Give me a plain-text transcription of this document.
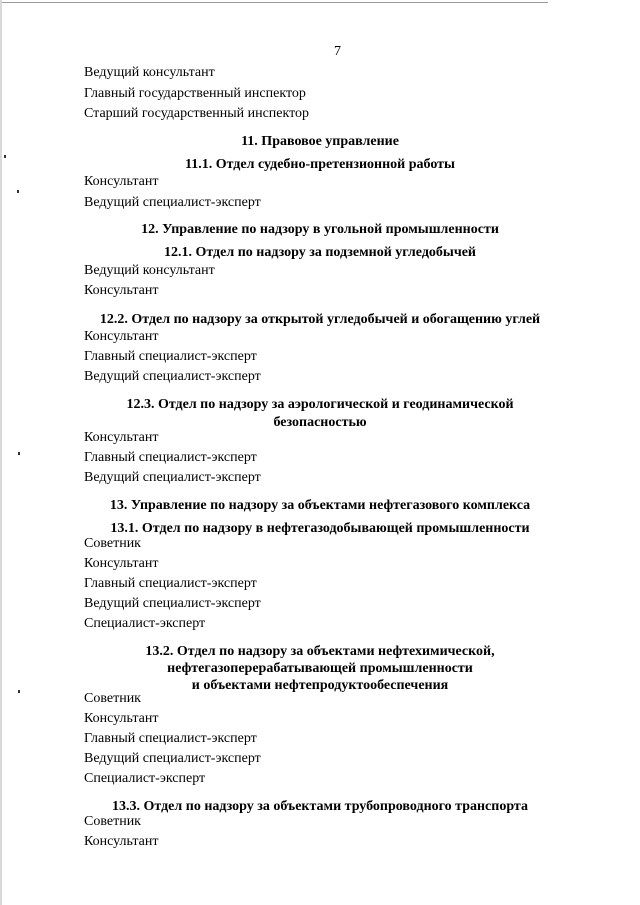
7
Ведущий консультант
Главный государственный инспектор
Старший государственный инспектор
11. Правовое управление
11.1. Отдел судебно-претензионной работы
Консультант
Ведущий специалист-эксперт
12. Управление по надзору в угольной промышленности
12.1. Отдел по надзору за подземной угледобычей
Ведущий консультант
Консультант
12.2. Отдел по надзору за открытой угледобычей и обогащению углей
Консультант
Главный специалист-эксперт
Ведущий специалист-эксперт
12.3. Отдел по надзору за аэрологической и геодинамической
безопасностью
Консультант
Главный специалист-эксперт
Ведущий специалист-эксперт
13. Управление по надзору за объектами нефтегазового комплекса
13.1. Отдел по надзору в нефтегазодобывающей промышленности
Советник
Консультант
Главный специалист-эксперт
Ведущий специалист-эксперт
Специалист-эксперт
13.2. Отдел по надзору за объектами нефтехимической,
нефтегазоперерабатывающей промышленности
и объектами нефтепродуктообеспечения
Советник
Консультант
Главный специалист-эксперт
Ведущий специалист-эксперт
Специалист-эксперт
13.3. Отдел по надзору за объектами трубопроводного транспорта
Советник
Консультант
